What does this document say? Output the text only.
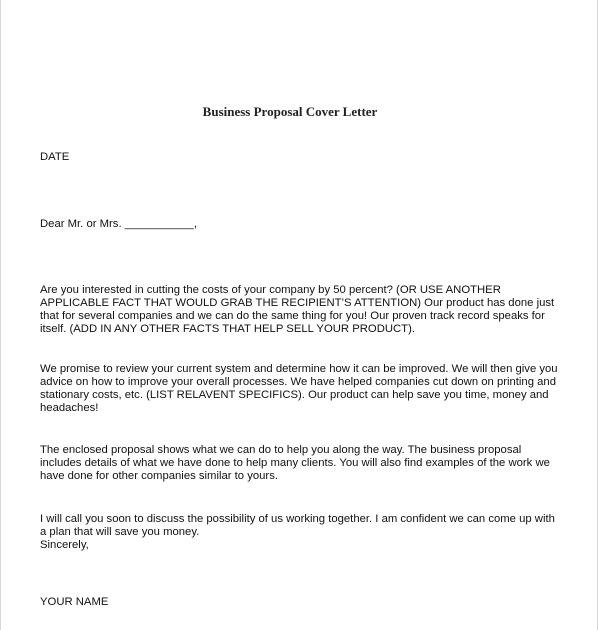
Business Proposal Cover Letter
DATE
Dear Mr. or Mrs. ___________,
Are you interested in cutting the costs of your company by 50 percent? (OR USE ANOTHER
APPLICABLE FACT THAT WOULD GRAB THE RECIPIENT’S ATTENTION) Our product has done just
that for several companies and we can do the same thing for you! Our proven track record speaks for
itself. (ADD IN ANY OTHER FACTS THAT HELP SELL YOUR PRODUCT).
We promise to review your current system and determine how it can be improved. We will then give you
advice on how to improve your overall processes. We have helped companies cut down on printing and
stationary costs, etc. (LIST RELAVENT SPECIFICS). Our product can help save you time, money and
headaches!
The enclosed proposal shows what we can do to help you along the way. The business proposal
includes details of what we have done to help many clients. You will also find examples of the work we
have done for other companies similar to yours.
I will call you soon to discuss the possibility of us working together. I am confident we can come up with
a plan that will save you money.
Sincerely,
YOUR NAME
